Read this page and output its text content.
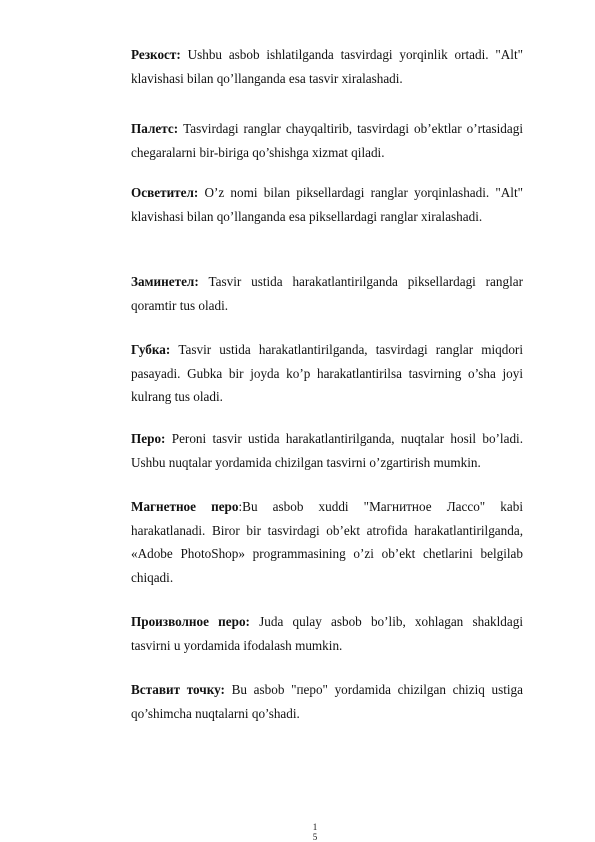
Резкост: Ushbu asbob ishlatilganda tasvirdagi yorqinlik ortadi. "Alt" klavishasi bilan qo’llanganda esa tasvir xiralashadi.

Палетс: Tasvirdagi ranglar chayqaltirib, tasvirdagi ob’ektlar o’rtasidagi chegaralarni bir-biriga qo’shishga xizmat qiladi.

Осветител: O’z nomi bilan piksellardagi ranglar yorqinlashadi. "Alt" klavishasi bilan qo’llanganda esa piksellardagi ranglar xiralashadi.

Заминетел: Tasvir ustida harakatlantirilganda piksellardagi ranglar qoramtir tus oladi.

Губка: Tasvir ustida harakatlantirilganda, tasvirdagi ranglar miqdori pasayadi. Gubka bir joyda ko’p harakatlantirilsa tasvirning o’sha joyi kulrang tus oladi.

Перо: Peroni tasvir ustida harakatlantirilganda, nuqtalar hosil bo’ladi. Ushbu nuqtalar yordamida chizilgan tasvirni o’zgartirish mumkin.

Магнетное перо:Bu asbob xuddi "Магнитное Лассо" kabi harakatlanadi. Biror bir tasvirdagi ob’ekt atrofida harakatlantirilganda, «Adobe PhotoShop» programmasining o’zi ob’ekt chetlarini belgilab chiqadi.

Произволное перо: Juda qulay asbob bo’lib, xohlagan shakldagi tasvirni u yordamida ifodalash mumkin.

Вставит точку: Bu asbob "перо" yordamida chizilgan chiziq ustiga qo’shimcha nuqtalarni qo’shadi.

1
5
